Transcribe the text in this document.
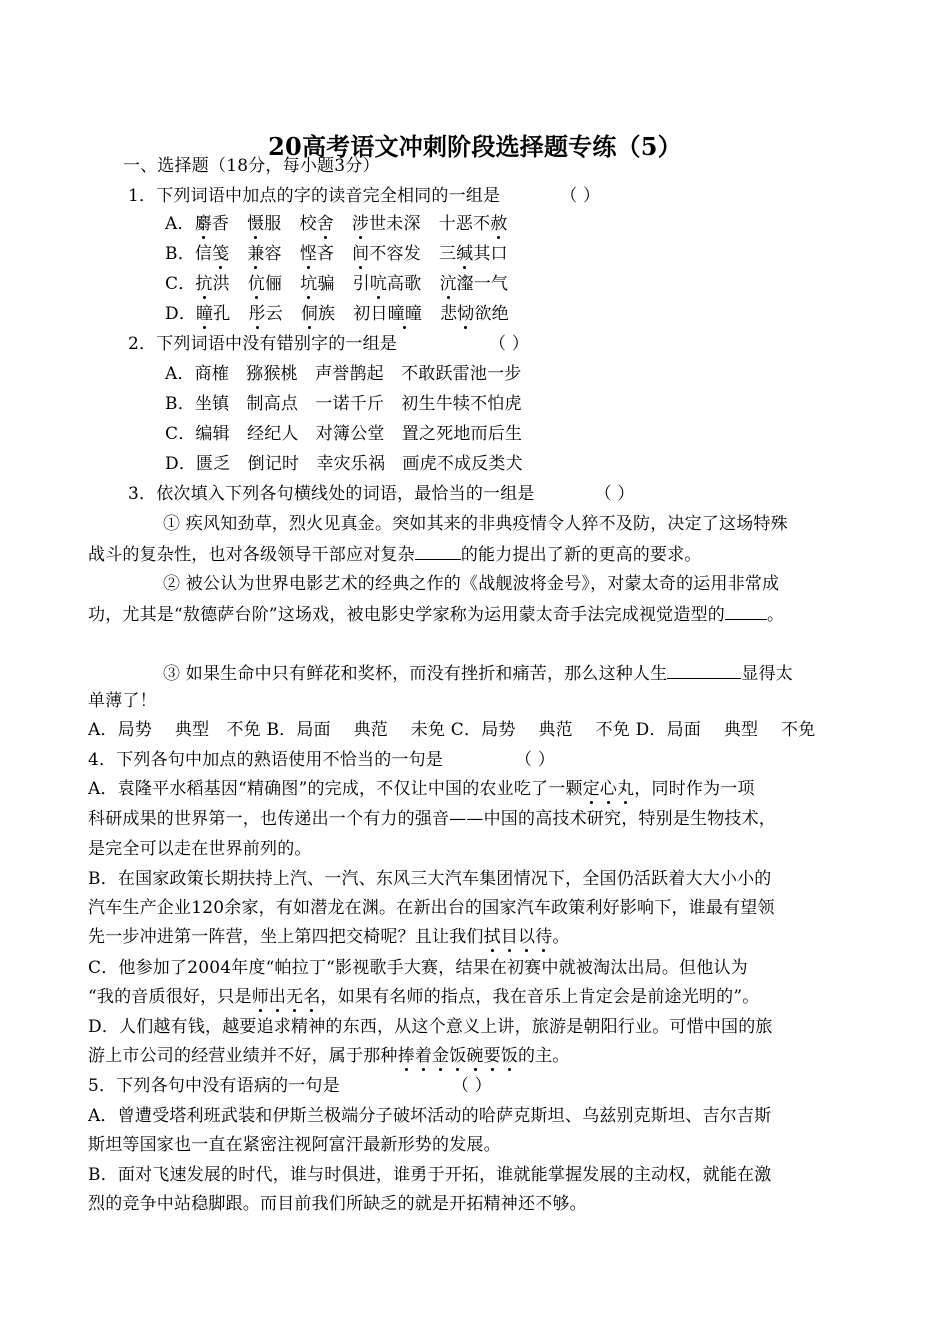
20高考语文冲刺阶段选择题专练（5）
一、选择题（18分，每小题3分）
1．下列词语中加点的字的读音完全相同的一组是	（ ）
A．麝香 慑服 校舍 涉世未深 十恶不赦
B．信笺 兼容 悭吝 间不容发 三缄其口
C．抗洪 伉俪 坑骗 引吭高歌 沆瀣一气
D．瞳孔 彤云 侗族 初日曈曈 悲恸欲绝
2．下列词语中没有错别字的一组是	（ ）
A．商榷　猕猴桃　声誉鹊起　不敢跃雷池一步
B．坐镇　制高点　一诺千斤　初生牛犊不怕虎
C．编辑　经纪人　对簿公堂　置之死地而后生
D．匮乏　倒记时　幸灾乐祸　画虎不成反类犬
3．依次填入下列各句横线处的词语，最恰当的一组是	（ ）
① 疾风知劲草，烈火见真金。突如其来的非典疫情令人猝不及防，决定了这场特殊
战斗的复杂性，也对各级领导干部应对复杂	的能力提出了新的更高的要求。
② 被公认为世界电影艺术的经典之作的《战舰波将金号》，对蒙太奇的运用非常成
功，尤其是“敖德萨台阶”这场戏，被电影史学家称为运用蒙太奇手法完成视觉造型的 。
③ 如果生命中只有鲜花和奖杯，而没有挫折和痛苦，那么这种人生	显得太
单薄了！
A．局势　 典型　不免 B．局面　 典范　 未免 C．局势　 典范　 不免 D．局面　 典型　 不免
4．下列各句中加点的熟语使用不恰当的一句是	（ ）
A．袁隆平水稻基因“精确图”的完成，不仅让中国的农业吃了一颗定心丸，同时作为一项
科研成果的世界第一，也传递出一个有力的强音——中国的高技术研究，特别是生物技术，
是完全可以走在世界前列的。
B．在国家政策长期扶持上汽、一汽、东风三大汽车集团情况下，全国仍活跃着大大小小的
汽车生产企业120余家，有如潜龙在渊。在新出台的国家汽车政策利好影响下，谁最有望领
先一步冲进第一阵营，坐上第四把交椅呢？且让我们拭目以待。
C．他参加了2004年度“帕拉丁“影视歌手大赛，结果在初赛中就被淘汰出局。但他认为
“我的音质很好，只是师出无名，如果有名师的指点，我在音乐上肯定会是前途光明的”。
D．人们越有钱，越要追求精神的东西，从这个意义上讲，旅游是朝阳行业。可惜中国的旅
游上市公司的经营业绩并不好，属于那种捧着金饭碗要饭的主。
5．下列各句中没有语病的一句是	（ ）
A．曾遭受塔利班武装和伊斯兰极端分子破坏活动的哈萨克斯坦、乌兹别克斯坦、吉尔吉斯
斯坦等国家也一直在紧密注视阿富汗最新形势的发展。
B．面对飞速发展的时代，谁与时俱进，谁勇于开拓，谁就能掌握发展的主动权，就能在激
烈的竞争中站稳脚跟。而目前我们所缺乏的就是开拓精神还不够。
